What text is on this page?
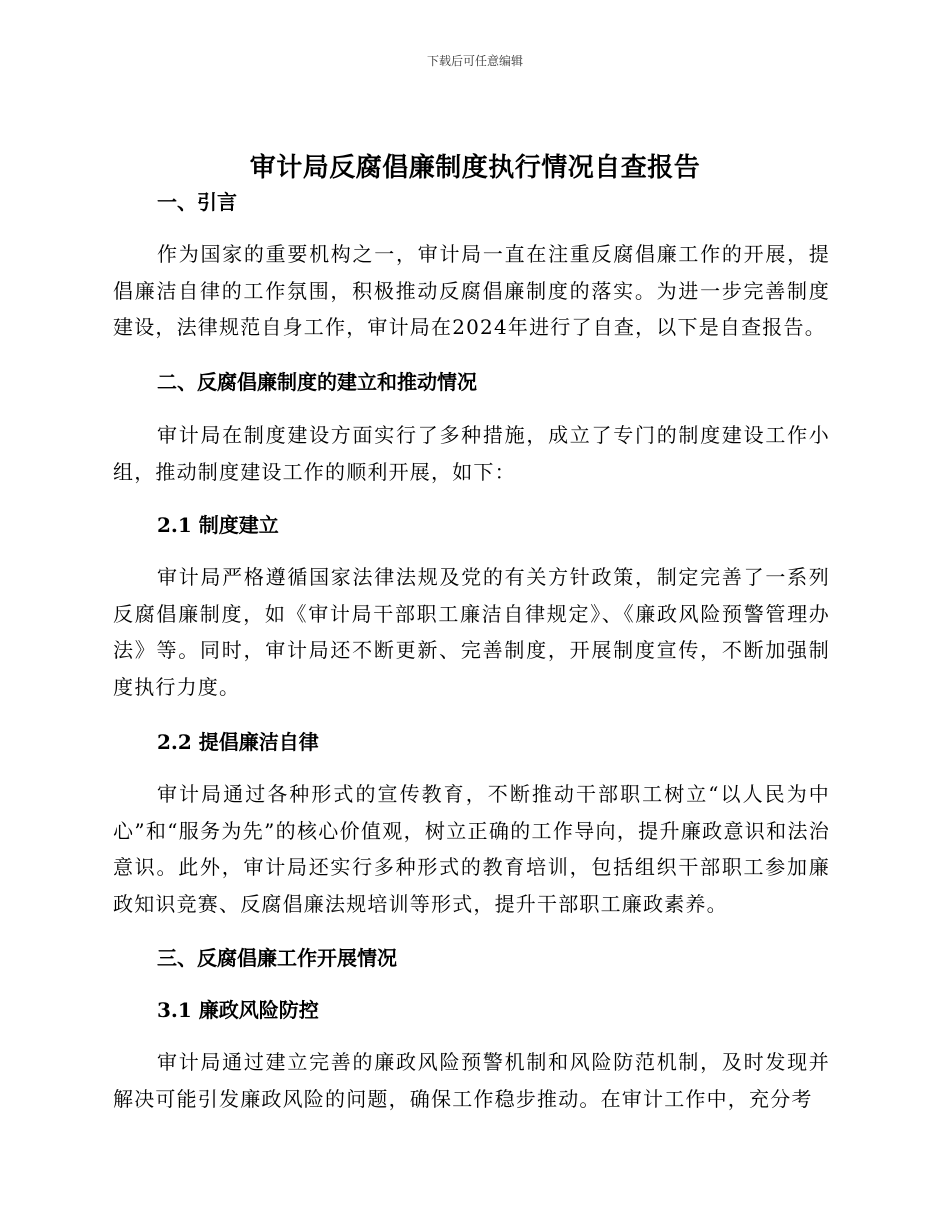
下载后可任意编辑
审计局反腐倡廉制度执行情况自查报告
一、引言

作为国家的重要机构之一，审计局一直在注重反腐倡廉工作的开展，提倡廉洁自律的工作氛围，积极推动反腐倡廉制度的落实。为进一步完善制度建设，法律规范自身工作，审计局在2024年进行了自查，以下是自查报告。

二、反腐倡廉制度的建立和推动情况

审计局在制度建设方面实行了多种措施，成立了专门的制度建设工作小组，推动制度建设工作的顺利开展，如下：

2.1 制度建立

审计局严格遵循国家法律法规及党的有关方针政策，制定完善了一系列反腐倡廉制度，如《审计局干部职工廉洁自律规定》、《廉政风险预警管理办法》等。同时，审计局还不断更新、完善制度，开展制度宣传，不断加强制度执行力度。

2.2 提倡廉洁自律

审计局通过各种形式的宣传教育，不断推动干部职工树立“以人民为中心”和“服务为先”的核心价值观，树立正确的工作导向，提升廉政意识和法治意识。此外，审计局还实行多种形式的教育培训，包括组织干部职工参加廉政知识竞赛、反腐倡廉法规培训等形式，提升干部职工廉政素养。

三、反腐倡廉工作开展情况
3.1 廉政风险防控

审计局通过建立完善的廉政风险预警机制和风险防范机制，及时发现并解决可能引发廉政风险的问题，确保工作稳步推动。在审计工作中，充分考
